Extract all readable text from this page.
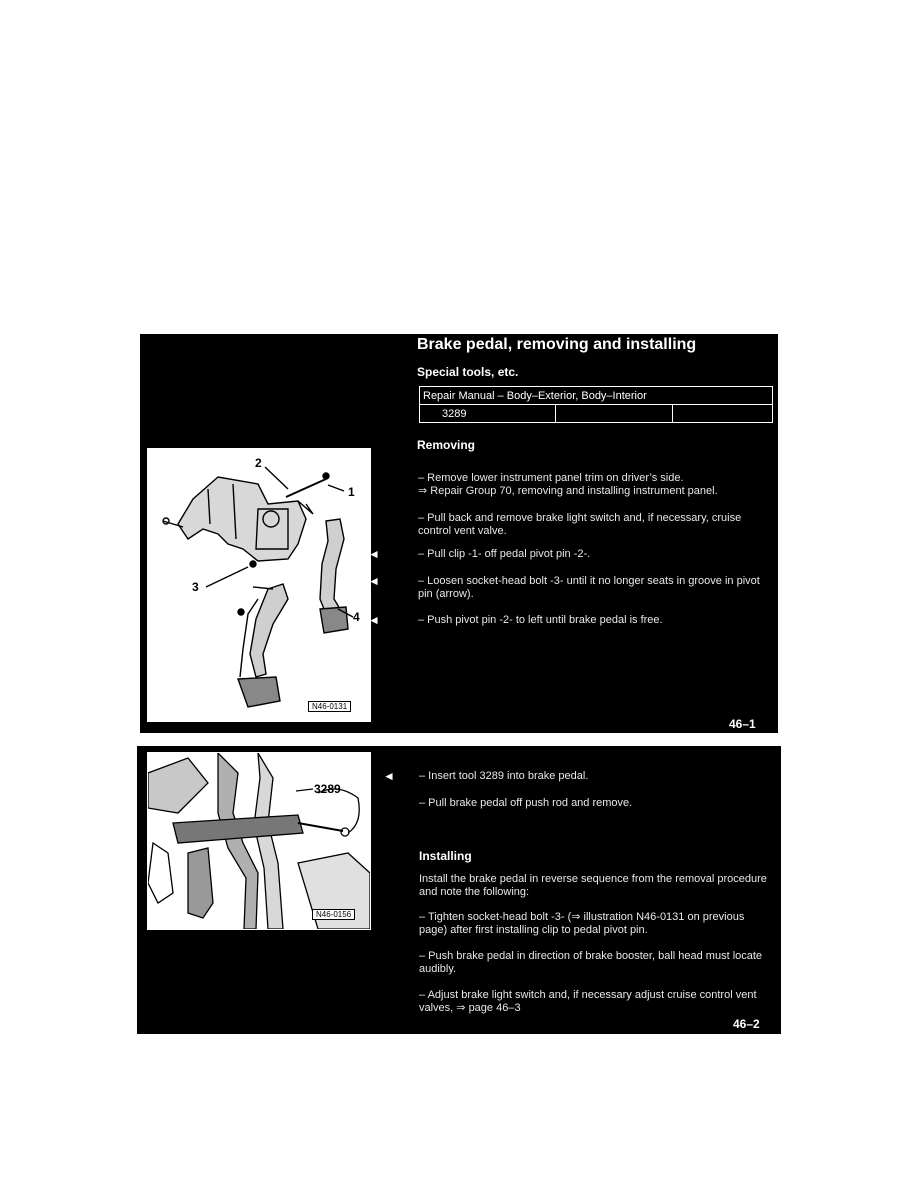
Brake pedal, removing and installing
Special tools, etc.
Repair Manual – Body–Exterior, Body–Interior
3289		
Removing
2
1
3
4
N46-0131
– Remove lower instrument panel trim on driver’s side.
⇒ Repair Group 70, removing and installing instrument panel.
– Pull back and remove brake light switch and, if necessary, cruise control vent valve.
◄	– Pull clip -1- off pedal pivot pin -2-.
◄	– Loosen socket-head bolt -3- until it no longer seats in groove in pivot pin (arrow).
◄	– Push pivot pin -2- to left until brake pedal is free.
46–1
3289
N46-0156
◄ – Insert tool 3289 into brake pedal.
– Pull brake pedal off push rod and remove.
Installing
Install the brake pedal in reverse sequence from the removal procedure and note the following:
– Tighten socket-head bolt -3- (⇒ illustration N46-0131 on previous page) after first installing clip to pedal pivot pin.
– Push brake pedal in direction of brake booster, ball head must locate audibly.
– Adjust brake light switch and, if necessary adjust cruise control vent valves, ⇒ page 46–3
46–2
